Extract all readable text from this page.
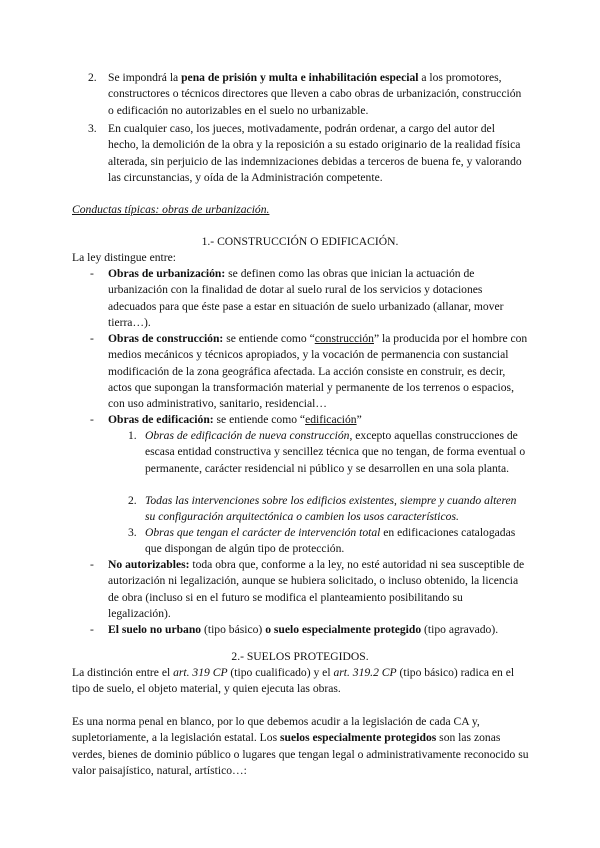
2. Se impondrá la pena de prisión y multa e inhabilitación especial a los promotores, constructores o técnicos directores que lleven a cabo obras de urbanización, construcción o edificación no autorizables en el suelo no urbanizable.
3. En cualquier caso, los jueces, motivadamente, podrán ordenar, a cargo del autor del hecho, la demolición de la obra y la reposición a su estado originario de la realidad física alterada, sin perjuicio de las indemnizaciones debidas a terceros de buena fe, y valorando las circunstancias, y oída de la Administración competente.
Conductas típicas: obras de urbanización.
1.- CONSTRUCCIÓN O EDIFICACIÓN.
La ley distingue entre:
- Obras de urbanización: se definen como las obras que inician la actuación de urbanización con la finalidad de dotar al suelo rural de los servicios y dotaciones adecuados para que éste pase a estar en situación de suelo urbanizado (allanar, mover tierra…).
- Obras de construcción: se entiende como “construcción” la producida por el hombre con medios mecánicos y técnicos apropiados, y la vocación de permanencia con sustancial modificación de la zona geográfica afectada. La acción consiste en construir, es decir, actos que supongan la transformación material y permanente de los terrenos o espacios, con uso administrativo, sanitario, residencial…
- Obras de edificación: se entiende como “edificación”
1. Obras de edificación de nueva construcción, excepto aquellas construcciones de escasa entidad constructiva y sencillez técnica que no tengan, de forma eventual o permanente, carácter residencial ni público y se desarrollen en una sola planta.
2. Todas las intervenciones sobre los edificios existentes, siempre y cuando alteren su configuración arquitectónica o cambien los usos característicos.
3. Obras que tengan el carácter de intervención total en edificaciones catalogadas que dispongan de algún tipo de protección.
- No autorizables: toda obra que, conforme a la ley, no esté autoridad ni sea susceptible de autorización ni legalización, aunque se hubiera solicitado, o incluso obtenido, la licencia de obra (incluso si en el futuro se modifica el planteamiento posibilitando su legalización).
- El suelo no urbano (tipo básico) o suelo especialmente protegido (tipo agravado).
2.- SUELOS PROTEGIDOS.
La distinción entre el art. 319 CP (tipo cualificado) y el art. 319.2 CP (tipo básico) radica en el tipo de suelo, el objeto material, y quien ejecuta las obras.
Es una norma penal en blanco, por lo que debemos acudir a la legislación de cada CA y, supletoriamente, a la legislación estatal. Los suelos especialmente protegidos son las zonas verdes, bienes de dominio público o lugares que tengan legal o administrativamente reconocido su valor paisajístico, natural, artístico…:
